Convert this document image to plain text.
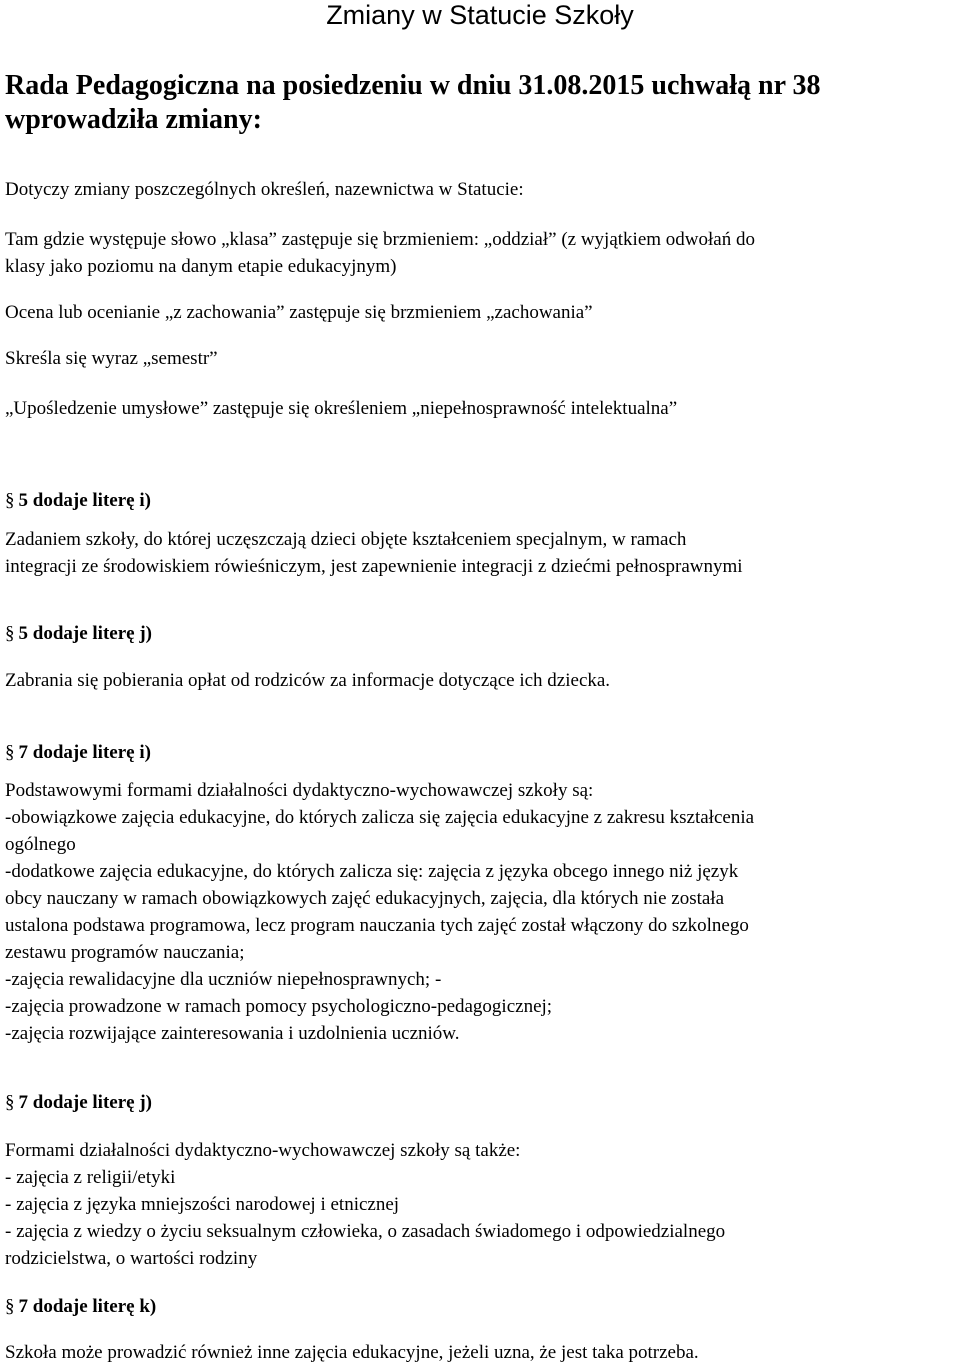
Zmiany w Statucie Szkoły
Rada Pedagogiczna na posiedzeniu w dniu 31.08.2015 uchwałą nr 38
wprowadziła zmiany:

Dotyczy zmiany poszczególnych określeń, nazewnictwa w Statucie:

Tam gdzie występuje słowo „klasa” zastępuje się brzmieniem: „oddział” (z wyjątkiem odwołań do
klasy jako poziomu na danym etapie edukacyjnym)

Ocena lub ocenianie „z zachowania” zastępuje się brzmieniem „zachowania”

Skreśla się wyraz „semestr”

„Upośledzenie umysłowe” zastępuje się określeniem „niepełnosprawność intelektualna”

§ 5 dodaje literę i)
Zadaniem szkoły, do której uczęszczają dzieci objęte kształceniem specjalnym, w ramach
integracji ze środowiskiem rówieśniczym, jest zapewnienie integracji z dziećmi pełnosprawnymi
§ 5 dodaje literę j)
Zabrania się pobierania opłat od rodziców za informacje dotyczące ich dziecka.
§ 7 dodaje literę i)
Podstawowymi formami działalności dydaktyczno-wychowawczej szkoły są:
-obowiązkowe zajęcia edukacyjne, do których zalicza się zajęcia edukacyjne z zakresu kształcenia
ogólnego
-dodatkowe zajęcia edukacyjne, do których zalicza się: zajęcia z języka obcego innego niż język
obcy nauczany w ramach obowiązkowych zajęć edukacyjnych, zajęcia, dla których nie została
ustalona podstawa programowa, lecz program nauczania tych zajęć został włączony do szkolnego
zestawu programów nauczania;
-zajęcia rewalidacyjne dla uczniów niepełnosprawnych; -
-zajęcia prowadzone w ramach pomocy psychologiczno-pedagogicznej;
-zajęcia rozwijające zainteresowania i uzdolnienia uczniów.
§ 7 dodaje literę j)
Formami działalności dydaktyczno-wychowawczej szkoły są także:
- zajęcia z religii/etyki
- zajęcia z języka mniejszości narodowej i etnicznej
- zajęcia z wiedzy o życiu seksualnym człowieka, o zasadach świadomego i odpowiedzialnego
rodzicielstwa, o wartości rodziny
§ 7 dodaje literę k)
Szkoła może prowadzić również inne zajęcia edukacyjne, jeżeli uzna, że jest taka potrzeba.
